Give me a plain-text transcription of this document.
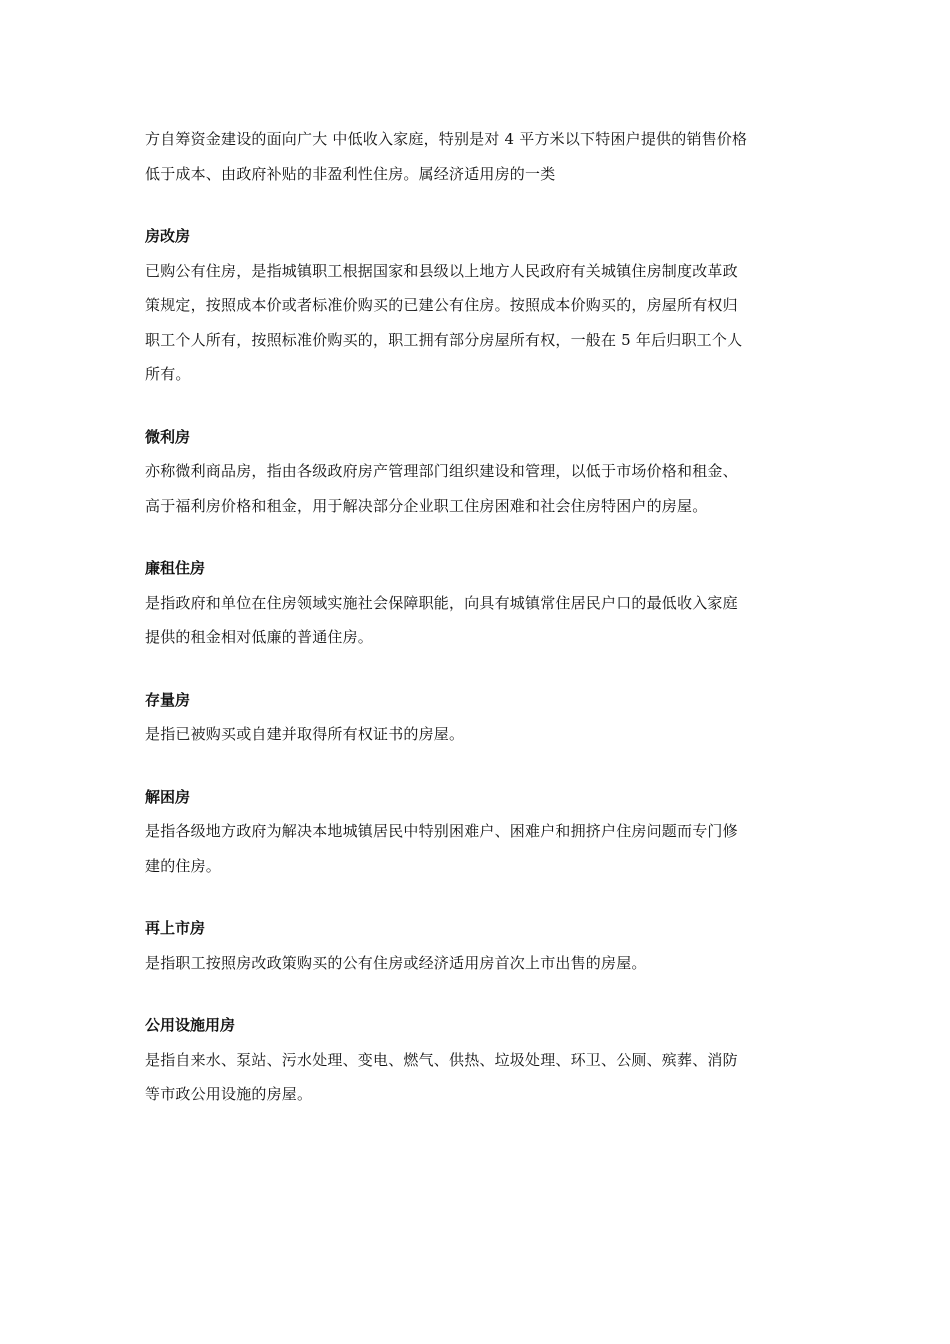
方自筹资金建设的面向广大 中低收入家庭，特别是对 4 平方米以下特困户提供的销售价格

低于成本、由政府补贴的非盈利性住房。属经济适用房的一类

房改房

已购公有住房，是指城镇职工根据国家和县级以上地方人民政府有关城镇住房制度改革政

策规定，按照成本价或者标准价购买的已建公有住房。按照成本价购买的，房屋所有权归

职工个人所有，按照标准价购买的，职工拥有部分房屋所有权，一般在 5 年后归职工个人

所有。

微利房

亦称微利商品房，指由各级政府房产管理部门组织建设和管理，以低于市场价格和租金、

高于福利房价格和租金，用于解决部分企业职工住房困难和社会住房特困户的房屋。

廉租住房

是指政府和单位在住房领域实施社会保障职能，向具有城镇常住居民户口的最低收入家庭

提供的租金相对低廉的普通住房。

存量房

是指已被购买或自建并取得所有权证书的房屋。

解困房

是指各级地方政府为解决本地城镇居民中特别困难户、困难户和拥挤户住房问题而专门修

建的住房。

再上市房

是指职工按照房改政策购买的公有住房或经济适用房首次上市出售的房屋。

公用设施用房

是指自来水、泵站、污水处理、变电、燃气、供热、垃圾处理、环卫、公厕、殡葬、消防

等市政公用设施的房屋。
